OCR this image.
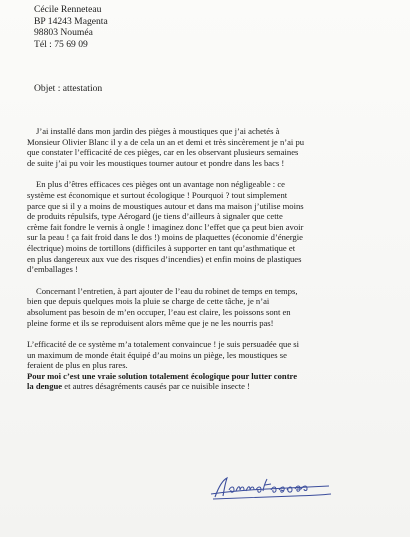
Cécile Renneteau
BP 14243 Magenta
98803 Nouméa
Tél : 75 69 09
Objet : attestation
J’ai installé dans mon jardin des pièges à moustiques que j’ai achetés à
Monsieur Olivier Blanc il y a de cela un an et demi et très sincèrement je n’ai pu
que constater l’efficacité de ces pièges, car en les observant plusieurs semaines
de suite j’ai pu voir les moustiques tourner autour et pondre dans les bacs !
En plus d’êtres efficaces ces pièges ont un avantage non négligeable : ce
système est économique et surtout écologique ! Pourquoi ? tout simplement
parce que si il y a moins de moustiques autour et dans ma maison j’utilise moins
de produits répulsifs, type Aérogard (je tiens d’ailleurs à signaler que cette
crème fait fondre le vernis à ongle ! imaginez donc l’effet que ça peut bien avoir
sur la peau ! ça fait froid dans le dos !) moins de plaquettes (économie d’énergie
électrique) moins de tortillons (difficiles à supporter en tant qu’asthmatique et
en plus dangereux aux vue des risques d’incendies) et enfin moins de plastiques
d’emballages !
Concernant l’entretien, à part ajouter de l’eau du robinet de temps en temps,
bien que depuis quelques mois la pluie se charge de cette tâche, je n’ai
absolument pas besoin de m’en occuper, l’eau est claire, les poissons sont en
pleine forme et ils se reproduisent alors même que je ne les nourris pas!
L’efficacité de ce système m’a totalement convaincue ! je suis persuadée que si
un maximum de monde était équipé d’au moins un piège, les moustiques se
feraient de plus en plus rares.
Pour moi c’est une vraie solution totalement écologique pour lutter contre
la dengue et autres désagréments causés par ce nuisible insecte !
